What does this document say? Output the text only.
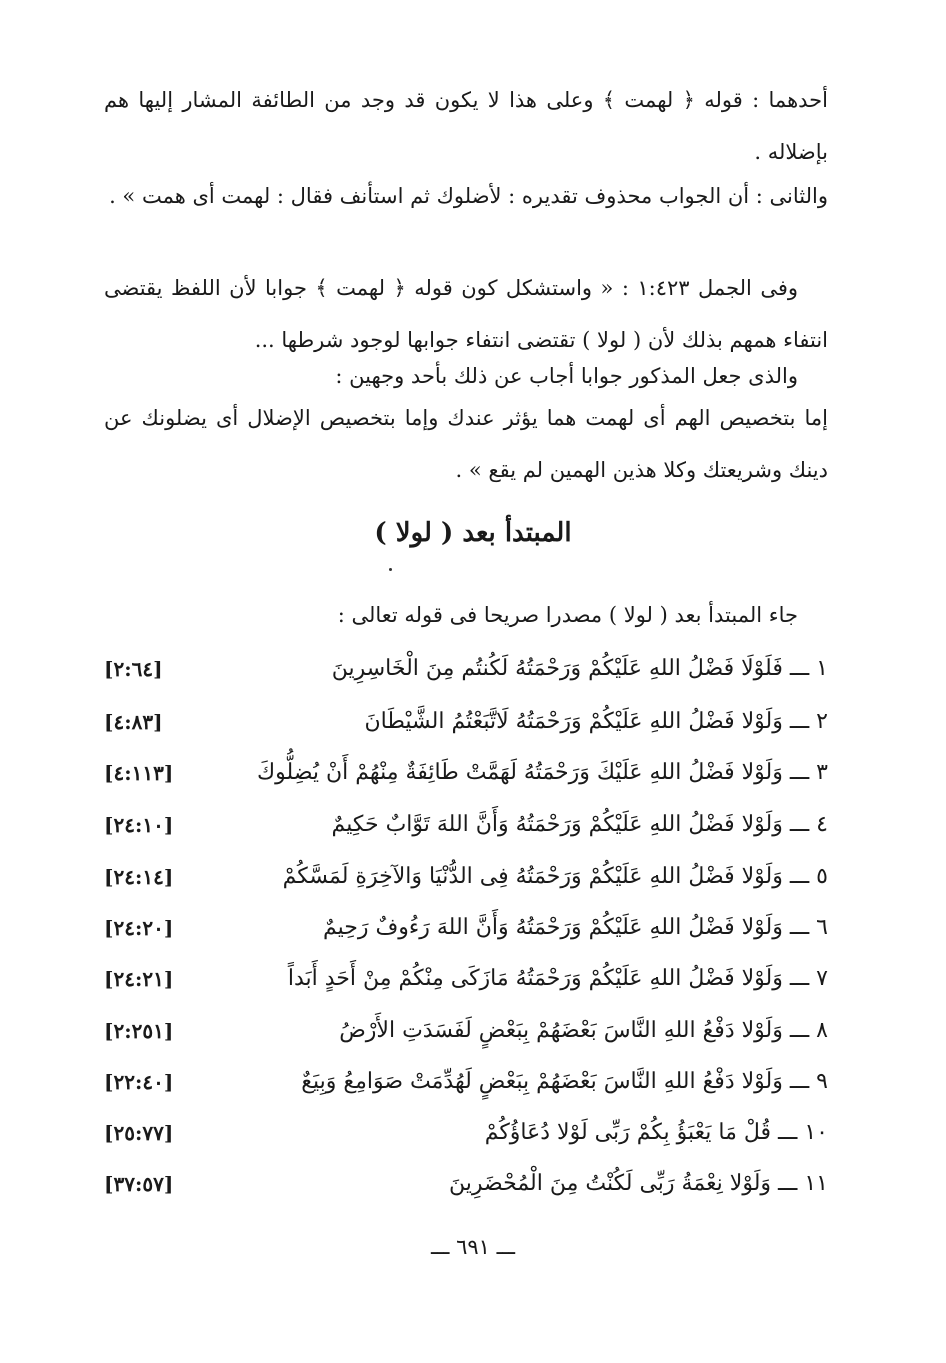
أحدهما : قوله ﴿ لهمت ﴾ وعلى هذا لا يكون قد وجد من الطائفة المشار إليها هم بإضلاله .
والثانى : أن الجواب محذوف تقديره : لأضلوك ثم استأنف فقال : لهمت أى همت » .
وفى الجمل ١:٤٢٣ : « واستشكل كون قوله ﴿ لهمت ﴾ جوابا لأن اللفظ يقتضى انتفاء همهم بذلك لأن ( لولا ) تقتضى انتفاء جوابها لوجود شرطها ...
والذى جعل المذكور جوابا أجاب عن ذلك بأحد وجهين :
إما بتخصيص الهم أى لهمت هما يؤثر عندك وإما بتخصيص الإضلال أى يضلونك عن دينك وشريعتك وكلا هذين الهمين لم يقع » .
المبتدأ بعد ( لولا )
جاء المبتدأ بعد ( لولا ) مصدرا صريحا فى قوله تعالى :
١ ـــ فَلَوْلَا فَضْلُ اللهِ عَلَيْكُمْ وَرَحْمَتُهُ لَكُنتُم مِنَ الْخَاسِرِينَ
[٢:٦٤]
٢ ـــ وَلَوْلا فَضْلُ اللهِ عَلَيْكُمْ وَرَحْمَتُهُ لَاتَّبَعْتُمُ الشَّيْطَانَ
[٤:٨٣]
٣ ـــ وَلَوْلا فَضْلُ اللهِ عَلَيْكَ وَرَحْمَتُهُ لَهَمَّتْ طَائِفَةٌ مِنْهُمْ أَنْ يُضِلُّوكَ
[٤:١١٣]
٤ ـــ وَلَوْلا فَضْلُ اللهِ عَلَيْكُمْ وَرَحْمَتُهُ وَأَنَّ اللهَ تَوَّابٌ حَكِيمٌ
[٢٤:١٠]
٥ ـــ وَلَوْلا فَضْلُ اللهِ عَلَيْكُمْ وَرَحْمَتُهُ فِى الدُّنْيَا وَالآخِرَةِ لَمَسَّكُمْ
[٢٤:١٤]
٦ ـــ وَلَوْلا فَضْلُ اللهِ عَلَيْكُمْ وَرَحْمَتُهُ وَأَنَّ اللهَ رَءُوفٌ رَحِيمٌ
[٢٤:٢٠]
٧ ـــ وَلَوْلا فَضْلُ اللهِ عَلَيْكُمْ وَرَحْمَتُهُ مَازَكَى مِنْكُمْ مِنْ أَحَدٍ أَبَداً
[٢٤:٢١]
٨ ـــ وَلَوْلا دَفْعُ اللهِ النَّاسَ بَعْضَهُمْ بِبَعْضٍ لَفَسَدَتِ الأَرْضُ
[٢:٢٥١]
٩ ـــ وَلَوْلا دَفْعُ اللهِ النَّاسَ بَعْضَهُمْ بِبَعْضٍ لَهُدِّمَتْ صَوَامِعُ وَبِيَعٌ
[٢٢:٤٠]
١٠ ـــ قُلْ مَا يَعْبَؤُ بِكُمْ رَبِّى لَوْلا دُعَاؤُكُمْ
[٢٥:٧٧]
١١ ـــ وَلَوْلا نِعْمَةُ رَبِّى لَكُنْتُ مِنَ الْمُحْضَرِينَ
[٣٧:٥٧]
ـــ ٦٩١ ـــ
